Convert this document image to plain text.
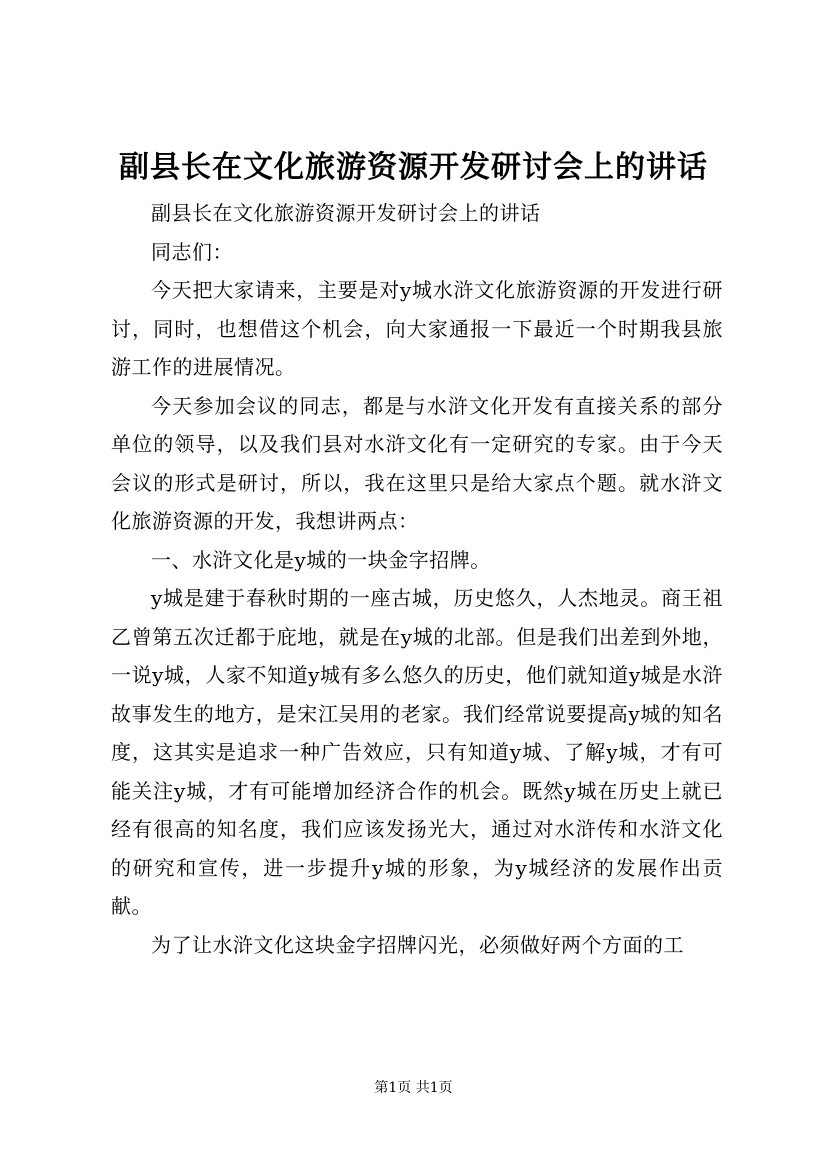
副县长在文化旅游资源开发研讨会上的讲话

副县长在文化旅游资源开发研讨会上的讲话

同志们：

今天把大家请来，主要是对y城水浒文化旅游资源的开发进行研讨，同时，也想借这个机会，向大家通报一下最近一个时期我县旅游工作的进展情况。

今天参加会议的同志，都是与水浒文化开发有直接关系的部分单位的领导，以及我们县对水浒文化有一定研究的专家。由于今天会议的形式是研讨，所以，我在这里只是给大家点个题。就水浒文化旅游资源的开发，我想讲两点：

一、水浒文化是y城的一块金字招牌。

y城是建于春秋时期的一座古城，历史悠久，人杰地灵。商王祖乙曾第五次迁都于庇地，就是在y城的北部。但是我们出差到外地，一说y城，人家不知道y城有多么悠久的历史，他们就知道y城是水浒故事发生的地方，是宋江吴用的老家。我们经常说要提高y城的知名度，这其实是追求一种广告效应，只有知道y城、了解y城，才有可能关注y城，才有可能增加经济合作的机会。既然y城在历史上就已经有很高的知名度，我们应该发扬光大，通过对水浒传和水浒文化的研究和宣传，进一步提升y城的形象，为y城经济的发展作出贡献。

为了让水浒文化这块金字招牌闪光，必须做好两个方面的工

第1页 共1页
